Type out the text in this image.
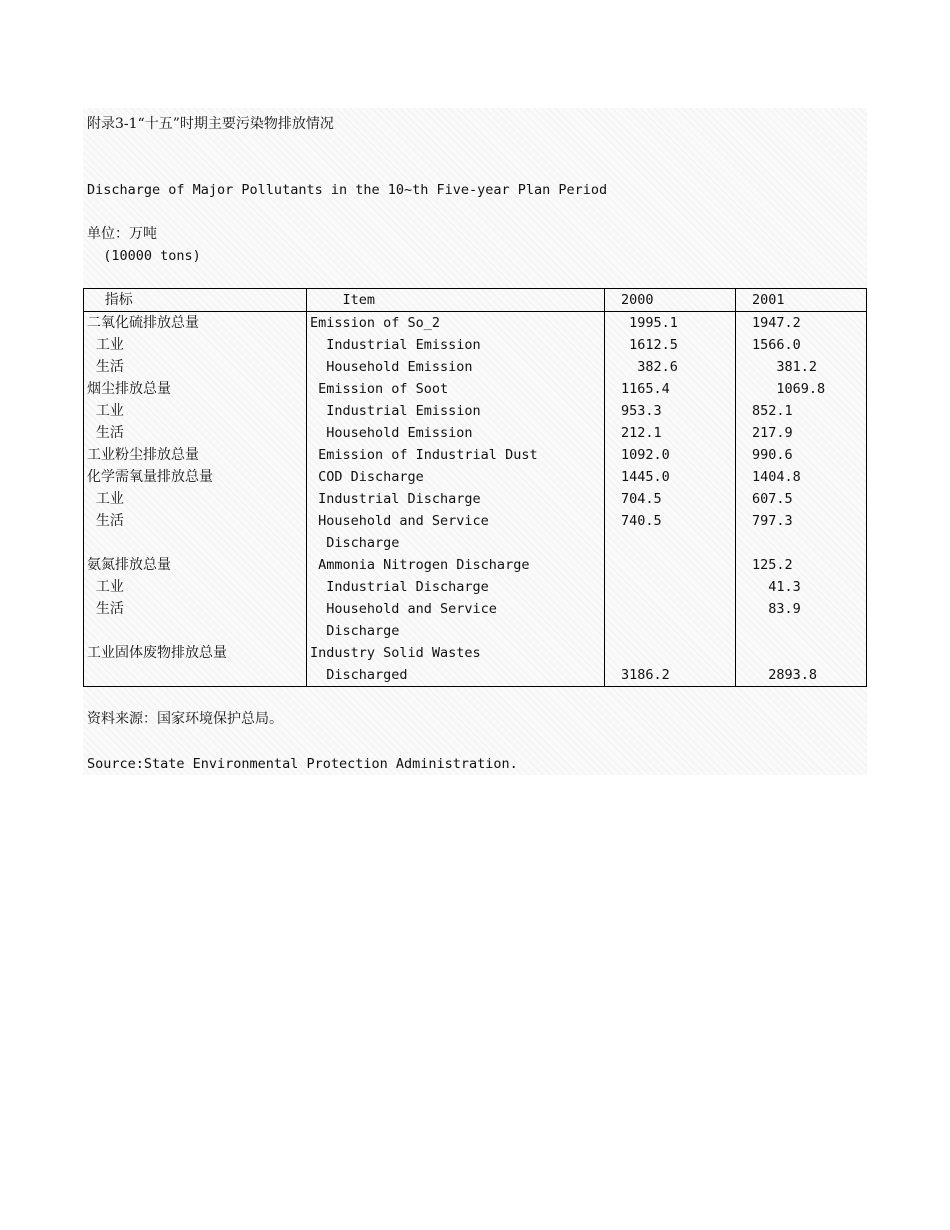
附录3-1“十五”时期主要污染物排放情况
Discharge of Major Pollutants in the 10~th Five-year Plan Period
单位：万吨
(10000 tons)
指标	Item	2000	2001
二氧化硫排放总量	Emission of So_2	1995.1	1947.2
工业	Industrial Emission	1612.5	1566.0
生活	Household Emission	382.6	381.2
烟尘排放总量	Emission of Soot	1165.4	1069.8
工业	Industrial Emission	953.3	852.1
生活	Household Emission	212.1	217.9
工业粉尘排放总量	Emission of Industrial Dust	1092.0	990.6
化学需氧量排放总量	COD Discharge	1445.0	1404.8
工业	Industrial Discharge	704.5	607.5
生活	Household and Service	740.5	797.3
	Discharge		
氨氮排放总量	Ammonia Nitrogen Discharge		125.2
工业	Industrial Discharge		41.3
生活	Household and Service		83.9
	Discharge		
工业固体废物排放总量	Industry Solid Wastes		
	Discharged	3186.2	2893.8
资料来源：国家环境保护总局。
Source:State Environmental Protection Administration.
